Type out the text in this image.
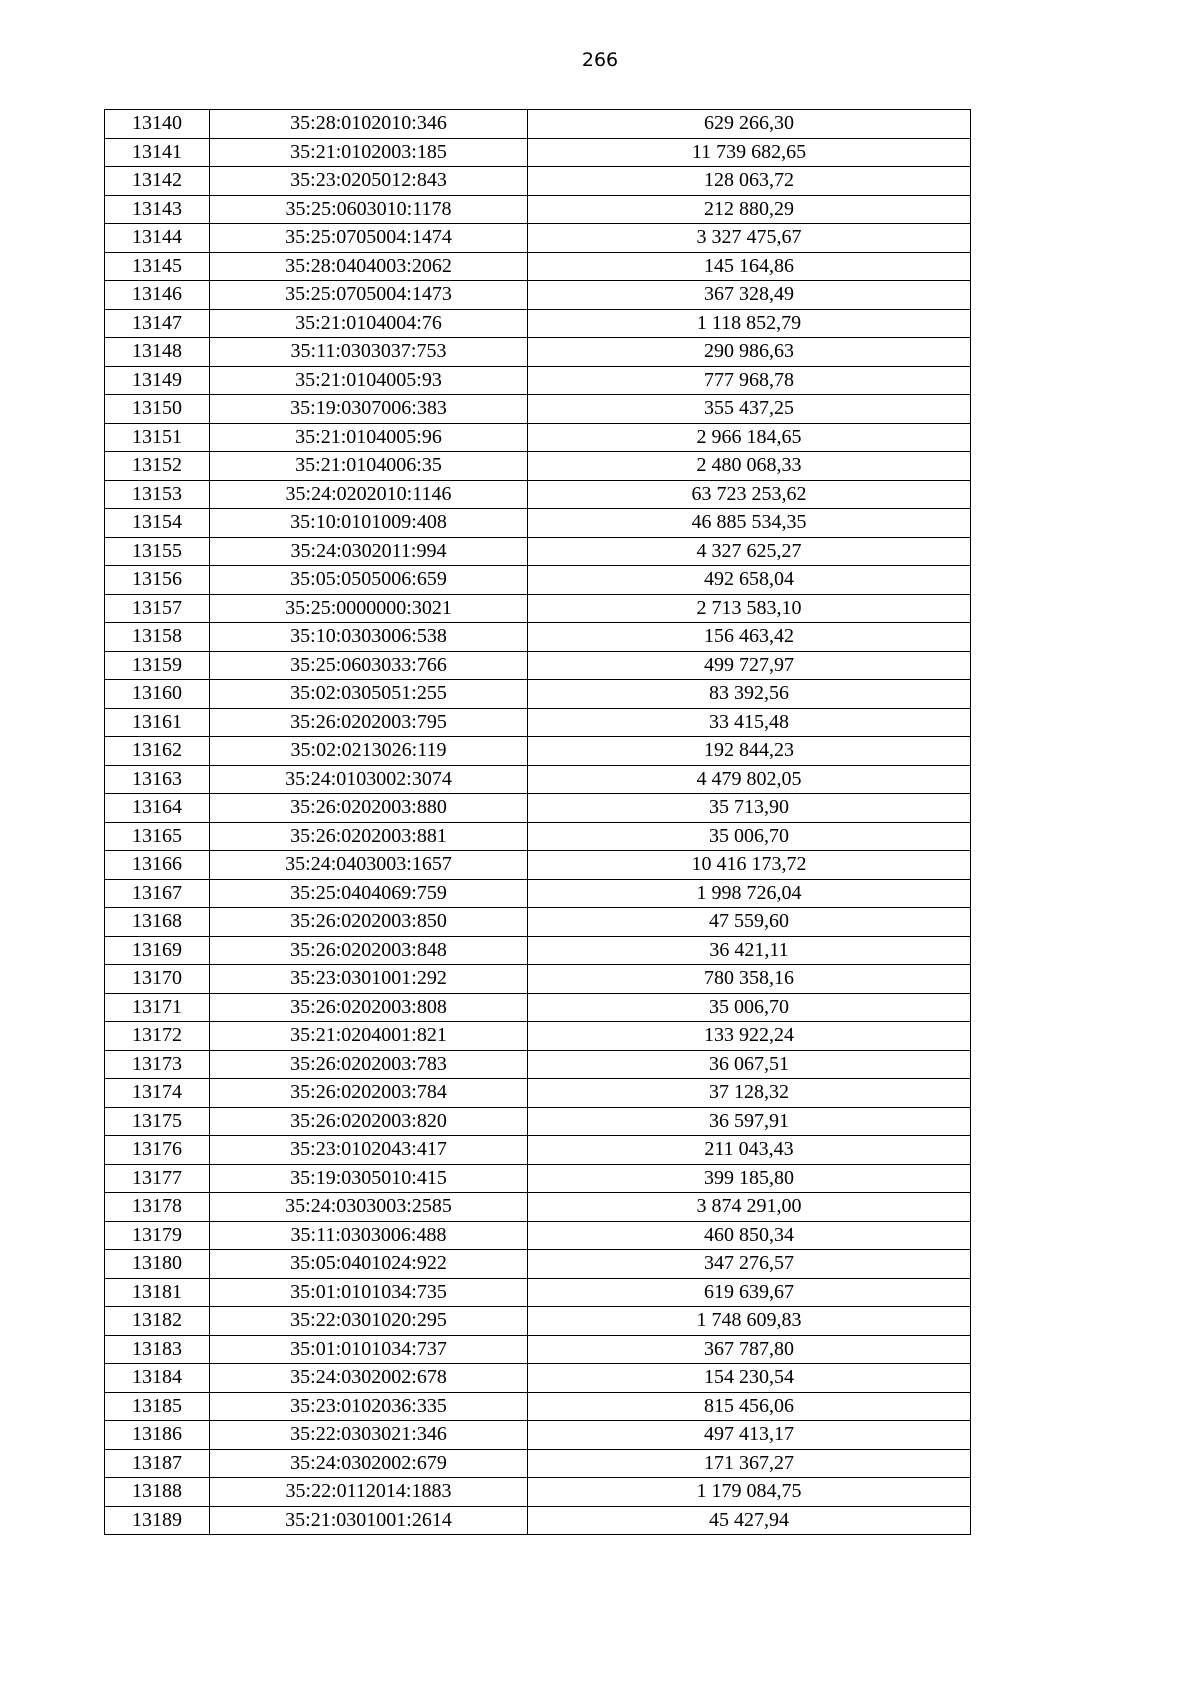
266
13140	35:28:0102010:346	629 266,30
13141	35:21:0102003:185	11 739 682,65
13142	35:23:0205012:843	128 063,72
13143	35:25:0603010:1178	212 880,29
13144	35:25:0705004:1474	3 327 475,67
13145	35:28:0404003:2062	145 164,86
13146	35:25:0705004:1473	367 328,49
13147	35:21:0104004:76	1 118 852,79
13148	35:11:0303037:753	290 986,63
13149	35:21:0104005:93	777 968,78
13150	35:19:0307006:383	355 437,25
13151	35:21:0104005:96	2 966 184,65
13152	35:21:0104006:35	2 480 068,33
13153	35:24:0202010:1146	63 723 253,62
13154	35:10:0101009:408	46 885 534,35
13155	35:24:0302011:994	4 327 625,27
13156	35:05:0505006:659	492 658,04
13157	35:25:0000000:3021	2 713 583,10
13158	35:10:0303006:538	156 463,42
13159	35:25:0603033:766	499 727,97
13160	35:02:0305051:255	83 392,56
13161	35:26:0202003:795	33 415,48
13162	35:02:0213026:119	192 844,23
13163	35:24:0103002:3074	4 479 802,05
13164	35:26:0202003:880	35 713,90
13165	35:26:0202003:881	35 006,70
13166	35:24:0403003:1657	10 416 173,72
13167	35:25:0404069:759	1 998 726,04
13168	35:26:0202003:850	47 559,60
13169	35:26:0202003:848	36 421,11
13170	35:23:0301001:292	780 358,16
13171	35:26:0202003:808	35 006,70
13172	35:21:0204001:821	133 922,24
13173	35:26:0202003:783	36 067,51
13174	35:26:0202003:784	37 128,32
13175	35:26:0202003:820	36 597,91
13176	35:23:0102043:417	211 043,43
13177	35:19:0305010:415	399 185,80
13178	35:24:0303003:2585	3 874 291,00
13179	35:11:0303006:488	460 850,34
13180	35:05:0401024:922	347 276,57
13181	35:01:0101034:735	619 639,67
13182	35:22:0301020:295	1 748 609,83
13183	35:01:0101034:737	367 787,80
13184	35:24:0302002:678	154 230,54
13185	35:23:0102036:335	815 456,06
13186	35:22:0303021:346	497 413,17
13187	35:24:0302002:679	171 367,27
13188	35:22:0112014:1883	1 179 084,75
13189	35:21:0301001:2614	45 427,94
